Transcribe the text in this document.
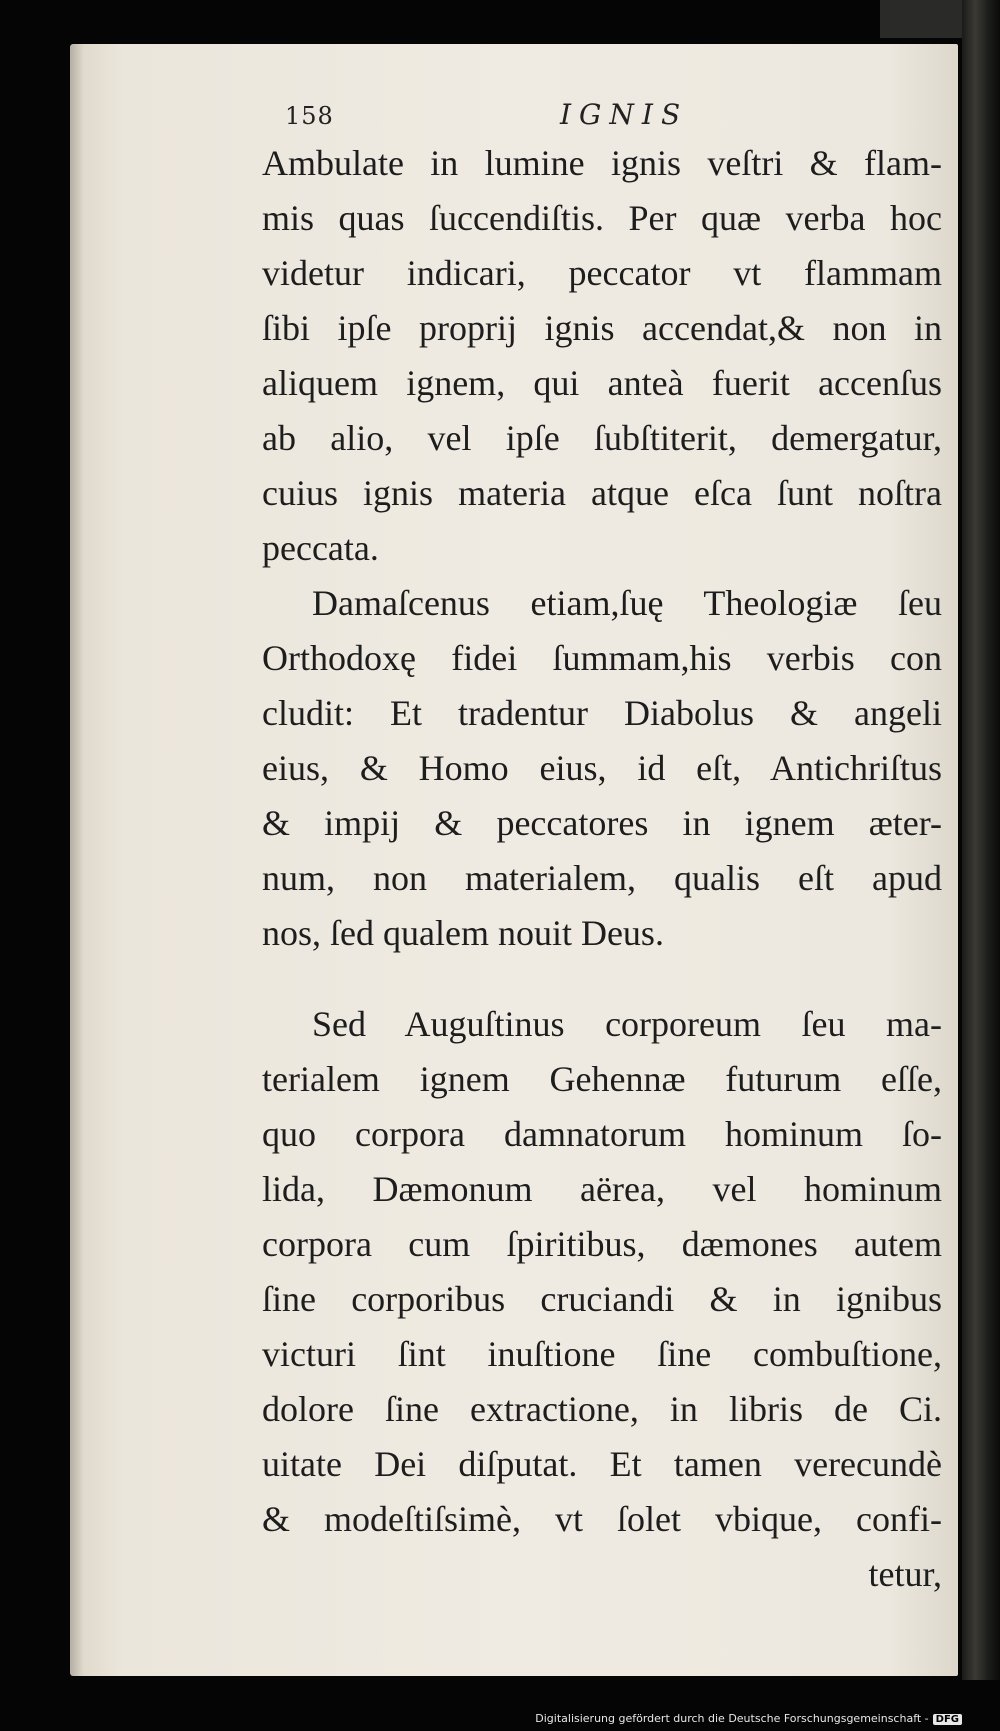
158	IGNIS
Ambulate in lumine ignis veſtri & flam-
mis quas ſuccendiſtis. Per quæ verba hoc
videtur indicari, peccator vt flammam
ſibi ipſe proprij ignis accendat,& non in
aliquem ignem, qui anteà fuerit accenſus
ab alio, vel ipſe ſubſtiterit, demergatur,
cuius ignis materia atque eſca ſunt noſtra
peccata.
Damaſcenus etiam,ſuę Theologiæ ſeu
Orthodoxę fidei ſummam,his verbis con
cludit: Et tradentur Diabolus & angeli
eius, & Homo eius, id eſt, Antichriſtus
& impij & peccatores in ignem æter-
num, non materialem, qualis eſt apud
nos, ſed qualem nouit Deus.
Sed Auguſtinus corporeum ſeu ma-
terialem ignem Gehennæ futurum eſſe,
quo corpora damnatorum hominum ſo-
lida, Dæmonum aërea, vel hominum
corpora cum ſpiritibus, dæmones autem
ſine corporibus cruciandi & in ignibus
victuri ſint inuſtione ſine combuſtione,
dolore ſine extractione, in libris de Ci.
uitate Dei diſputat. Et tamen verecundè
& modeſtiſsimè, vt ſolet vbique, confi-
tetur,
Digitalisierung gefördert durch die Deutsche Forschungsgemeinschaft - DFG
